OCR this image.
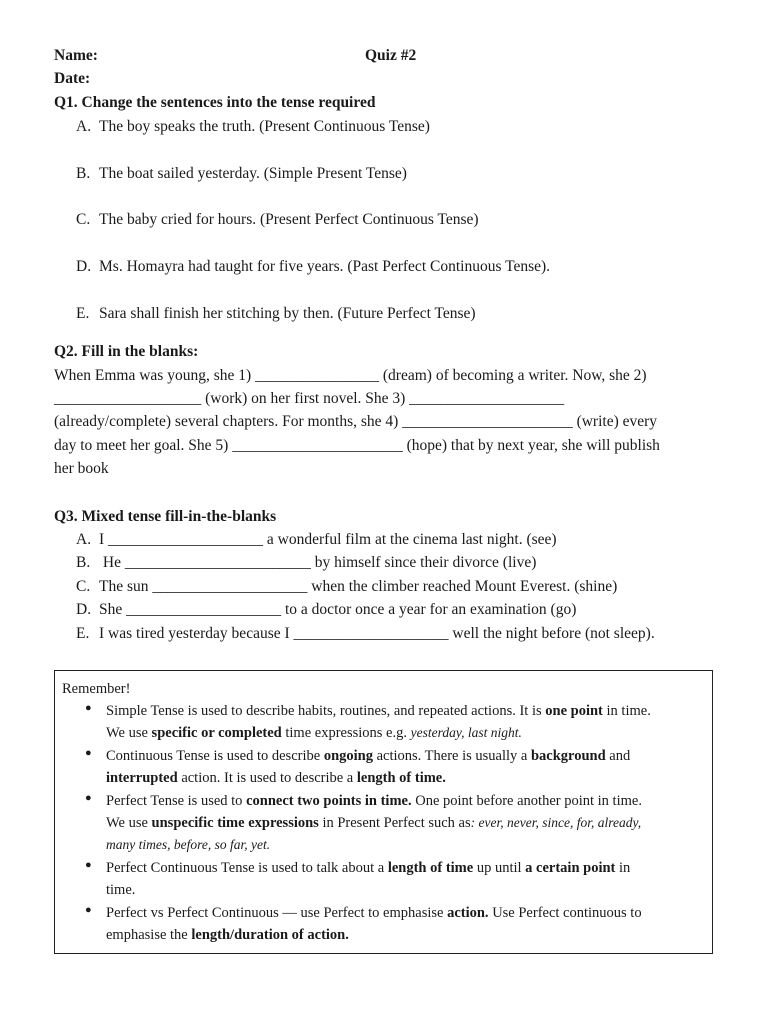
Name:	Quiz #2
Date:
Q1. Change the sentences into the tense required
A. The boy speaks the truth. (Present Continuous Tense)
B. The boat sailed yesterday. (Simple Present Tense)
C. The baby cried for hours. (Present Perfect Continuous Tense)
D. Ms. Homayra had taught for five years. (Past Perfect Continuous Tense).
E. Sara shall finish her stitching by then. (Future Perfect Tense)
Q2. Fill in the blanks:
When Emma was young, she 1) ________________ (dream) of becoming a writer. Now, she 2)
___________________ (work) on her first novel. She 3) ____________________
(already/complete) several chapters. For months, she 4) ______________________ (write) every
day to meet her goal. She 5) ______________________ (hope) that by next year, she will publish
her book
Q3. Mixed tense fill-in-the-blanks
A. I ____________________ a wonderful film at the cinema last night. (see)
B. He ________________________ by himself since their divorce (live)
C. The sun ____________________ when the climber reached Mount Everest. (shine)
D. She ____________________ to a doctor once a year for an examination (go)
E. I was tired yesterday because I ____________________ well the night before (not sleep).
Remember!
● Simple Tense is used to describe habits, routines, and repeated actions. It is one point in time.
We use specific or completed time expressions e.g. yesterday, last night.
● Continuous Tense is used to describe ongoing actions. There is usually a background and
interrupted action. It is used to describe a length of time.
● Perfect Tense is used to connect two points in time. One point before another point in time.
We use unspecific time expressions in Present Perfect such as: ever, never, since, for, already,
many times, before, so far, yet.
● Perfect Continuous Tense is used to talk about a length of time up until a certain point in
time.
● Perfect vs Perfect Continuous — use Perfect to emphasise action. Use Perfect continuous to
emphasise the length/duration of action.
